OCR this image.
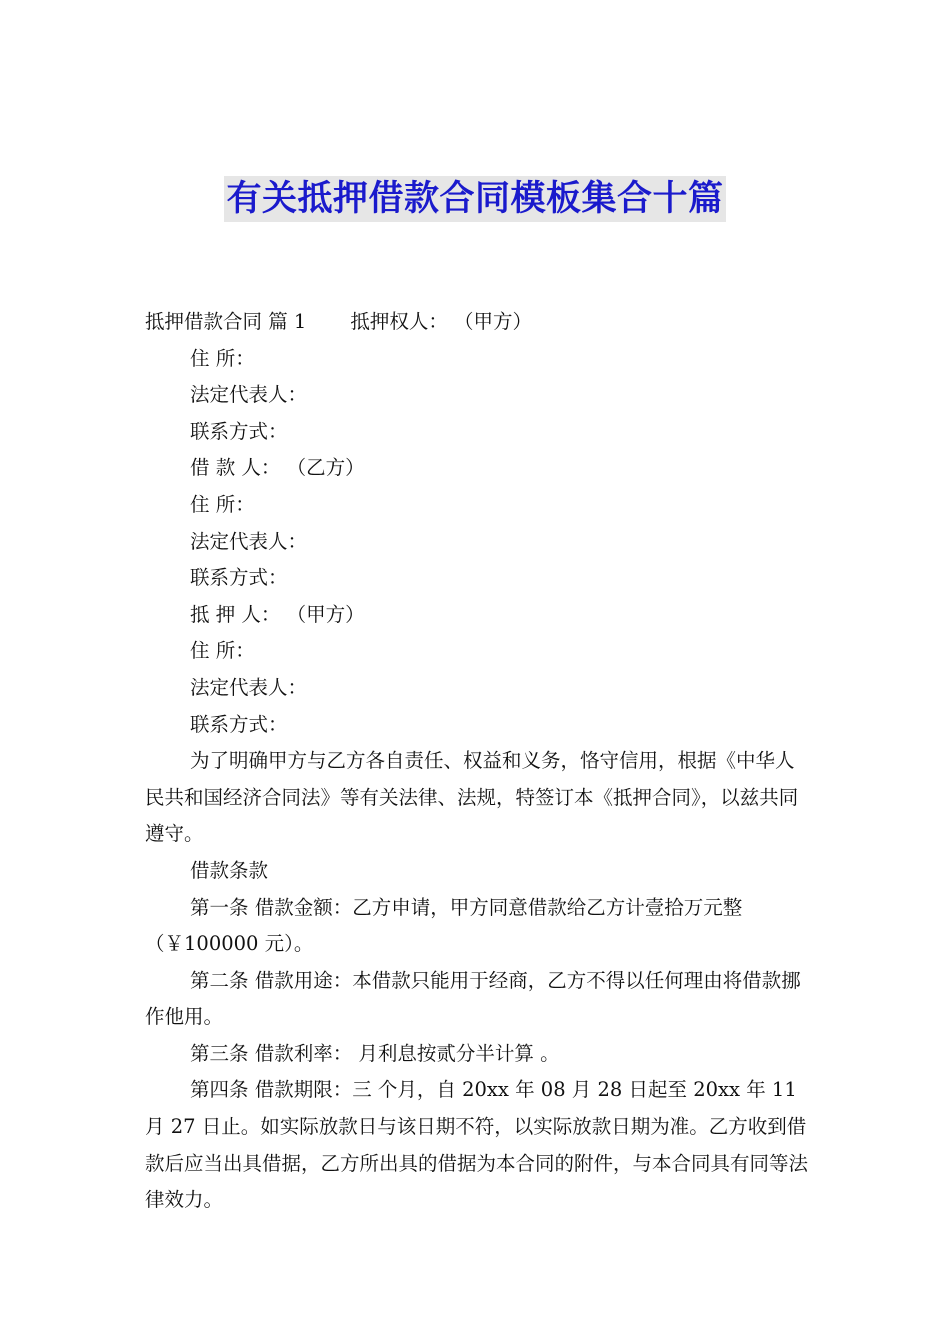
有关抵押借款合同模板集合十篇

抵押借款合同 篇 1 抵押权人： （甲方）

住 所：

法定代表人：

联系方式：

借 款 人： （乙方）

住 所：

法定代表人：

联系方式：

抵 押 人： （甲方）

住 所：

法定代表人：

联系方式：

为了明确甲方与乙方各自责任、权益和义务，恪守信用，根据《中华人民共和国经济合同法》等有关法律、法规，特签订本《抵押合同》，以兹共同遵守。

借款条款

第一条 借款金额：乙方申请，甲方同意借款给乙方计壹拾万元整 （￥100000 元）。

第二条 借款用途：本借款只能用于经商，乙方不得以任何理由将借款挪作他用。

第三条 借款利率： 月利息按贰分半计算 。

第四条 借款期限：三 个月，自 20xx 年 08 月 28 日起至 20xx 年 11 月 27 日止。如实际放款日与该日期不符，以实际放款日期为准。乙方收到借款后应当出具借据，乙方所出具的借据为本合同的附件，与本合同具有同等法律效力。
